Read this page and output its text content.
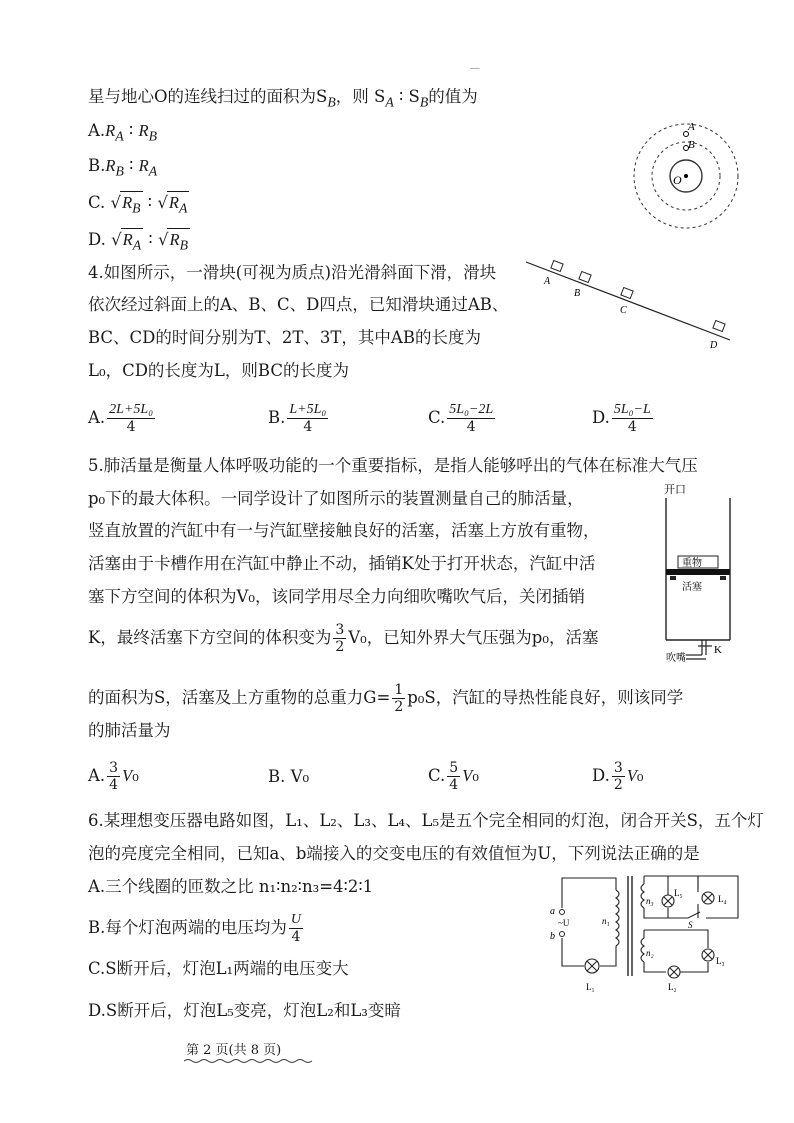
—
星与地心O的连线扫过的面积为$S_B$，则 $S_A$ ∶ $S_B$的值为
$A.R_A$ ∶ $R_B$
$B.R_B$ ∶ $R_A$
C. $√R_B$ ∶ $√R_A$
D. $√R_A$ ∶ $√R_B$
A
B
O
4.如图所示，一滑块(可视为质点)沿光滑斜面下滑，滑块
依次经过斜面上的A、B、C、D四点，已知滑块通过AB、
BC、CD的时间分别为T、2T、3T，其中AB的长度为
L₀，CD的长度为L，则BC的长度为
A
B
C
D
A. $\frac{\text{2L+5L₀}}{4}$	B. $\frac{\text{L+5L₀}}{4}$	C. $\frac{\text{5L₀−2L}}{4}$	D. $\frac{\text{5L₀−L}}{4}$
5.肺活量是衡量人体呼吸功能的一个重要指标，是指人能够呼出的气体在标准大气压
p₀下的最大体积。一同学设计了如图所示的装置测量自己的肺活量，
竖直放置的汽缸中有一与汽缸壁接触良好的活塞，活塞上方放有重物，
活塞由于卡槽作用在汽缸中静止不动，插销K处于打开状态，汽缸中活
塞下方空间的体积为V₀，该同学用尽全力向细吹嘴吹气后，关闭插销
K，最终活塞下方空间的体积变为 $\frac{3}{2} V_0$，已知外界大气压强为p₀，活塞
的面积为S，活塞及上方重物的总重力$G= \frac{1}{2} p_0S$，汽缸的导热性能良好，则该同学
的肺活量为
开口
重物
活塞
吹嘴
K
A. $\frac{3}{4} V_0$	B. V₀	C. $\frac{5}{4} V_0$	D. $\frac{3}{2} V_0$
6.某理想变压器电路如图，L₁、L₂、L₃、L₄、L₅是五个完全相同的灯泡，闭合开关S，五个灯
泡的亮度完全相同，已知a、b端接入的交变电压的有效值恒为U，下列说法正确的是
A.三个线圈的匝数之比 n₁∶n₂∶n₃=4∶2∶1
B.每个灯泡两端的电压均为 $\frac{U}{4}$
C.S断开后，灯泡L₁两端的电压变大
D.S断开后，灯泡L₅变亮，灯泡L₂和L₃变暗
a
b
~U	n₁
n₃
n₂
L₁	L₂
L₃
L₄
L₅
S
第 2 页(共 8 页)
